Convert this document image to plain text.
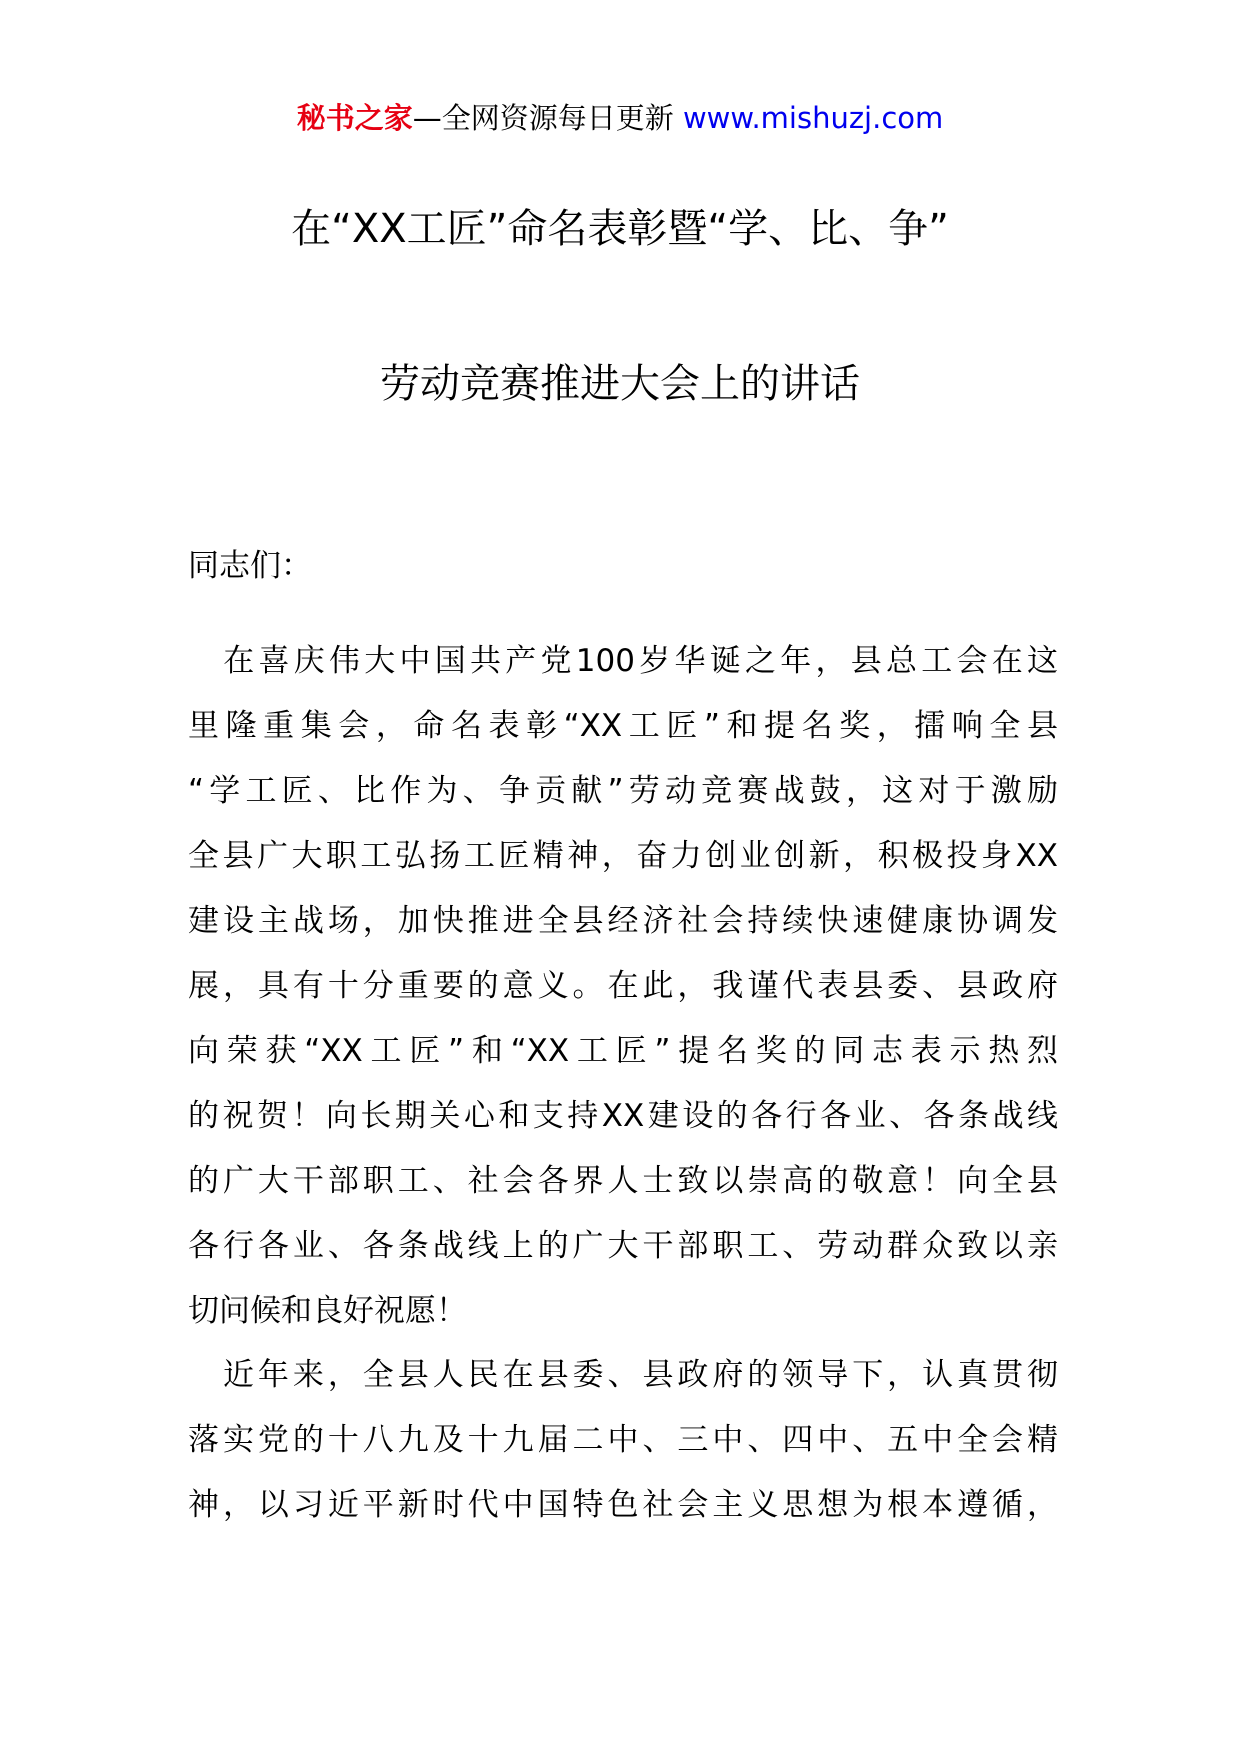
秘书之家—全网资源每日更新 www.mishuzj.com
在“XX工匠”命名表彰暨“学、比、争”
劳动竞赛推进大会上的讲话
同志们：
　在喜庆伟大中国共产党100岁华诞之年，县总工会在这
里隆重集会，命名表彰“XX工匠”和提名奖，擂响全县
“学工匠、比作为、争贡献”劳动竞赛战鼓，这对于激励
全县广大职工弘扬工匠精神，奋力创业创新，积极投身XX
建设主战场，加快推进全县经济社会持续快速健康协调发
展，具有十分重要的意义。在此，我谨代表县委、县政府
向荣获“XX工匠”和“XX工匠”提名奖的同志表示热烈
的祝贺！向长期关心和支持XX建设的各行各业、各条战线
的广大干部职工、社会各界人士致以崇高的敬意！向全县
各行各业、各条战线上的广大干部职工、劳动群众致以亲
切问候和良好祝愿！
　近年来，全县人民在县委、县政府的领导下，认真贯彻
落实党的十八九及十九届二中、三中、四中、五中全会精
神，以习近平新时代中国特色社会主义思想为根本遵循，
